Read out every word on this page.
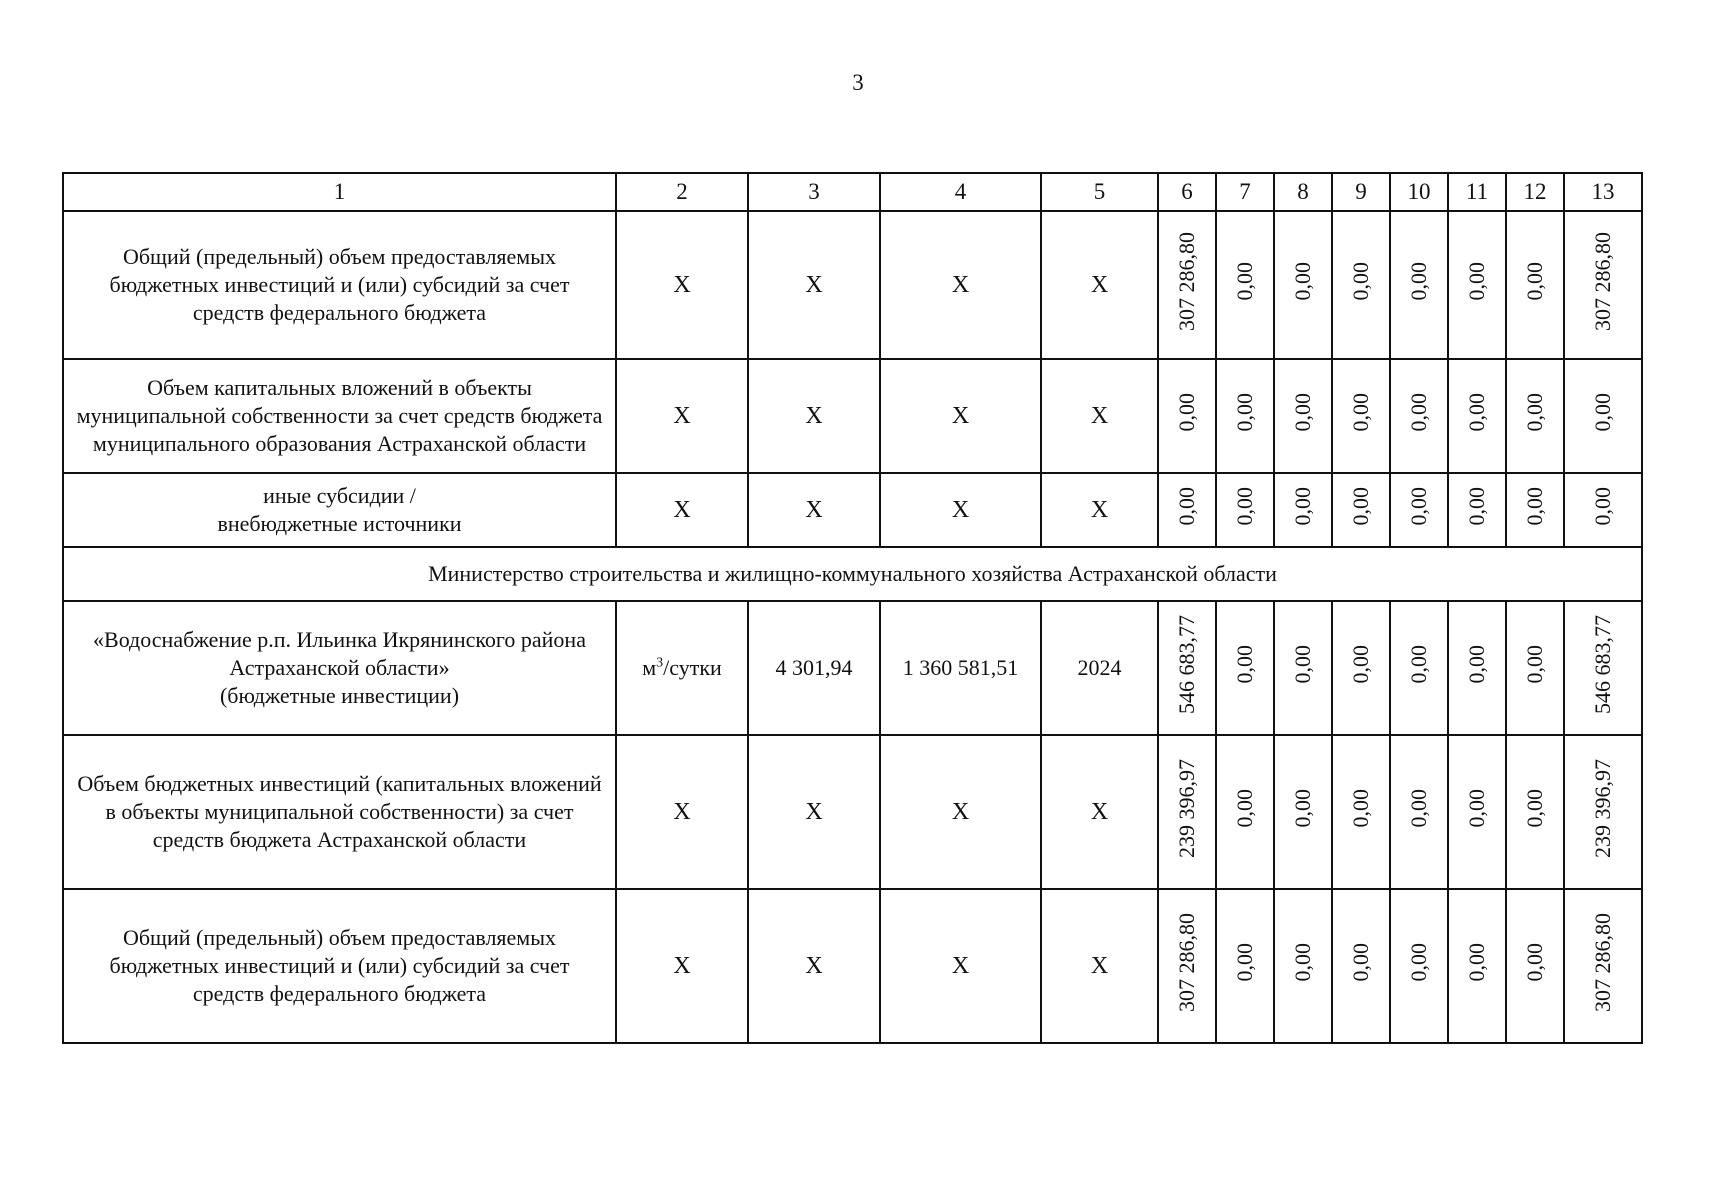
3
1	2	3	4	5	6	7	8	9	10	11	12	13
Общий (предельный) объем предоставляемых бюджетных инвестиций и (или) субсидий за счет средств федерального бюджета	X	X	X	X	307 286,80	0,00	0,00	0,00	0,00	0,00	0,00	307 286,80
Объем капитальных вложений в объекты муниципальной собственности за счет средств бюджета муниципального образования Астраханской области	X	X	X	X	0,00	0,00	0,00	0,00	0,00	0,00	0,00	0,00
иные субсидии /
внебюджетные источники	X	X	X	X	0,00	0,00	0,00	0,00	0,00	0,00	0,00	0,00
Министерство строительства и жилищно-коммунального хозяйства Астраханской области												
«Водоснабжение р.п. Ильинка Икрянинского района Астраханской области»
(бюджетные инвестиции)	$м^3$/сутки	4 301,94	1 360 581,51	2024	546 683,77	0,00	0,00	0,00	0,00	0,00	0,00	546 683,77
Объем бюджетных инвестиций (капитальных вложений в объекты муниципальной собственности) за счет средств бюджета Астраханской области	X	X	X	X	239 396,97	0,00	0,00	0,00	0,00	0,00	0,00	239 396,97
Общий (предельный) объем предоставляемых бюджетных инвестиций и (или) субсидий за счет средств федерального бюджета	X	X	X	X	307 286,80	0,00	0,00	0,00	0,00	0,00	0,00	307 286,80
